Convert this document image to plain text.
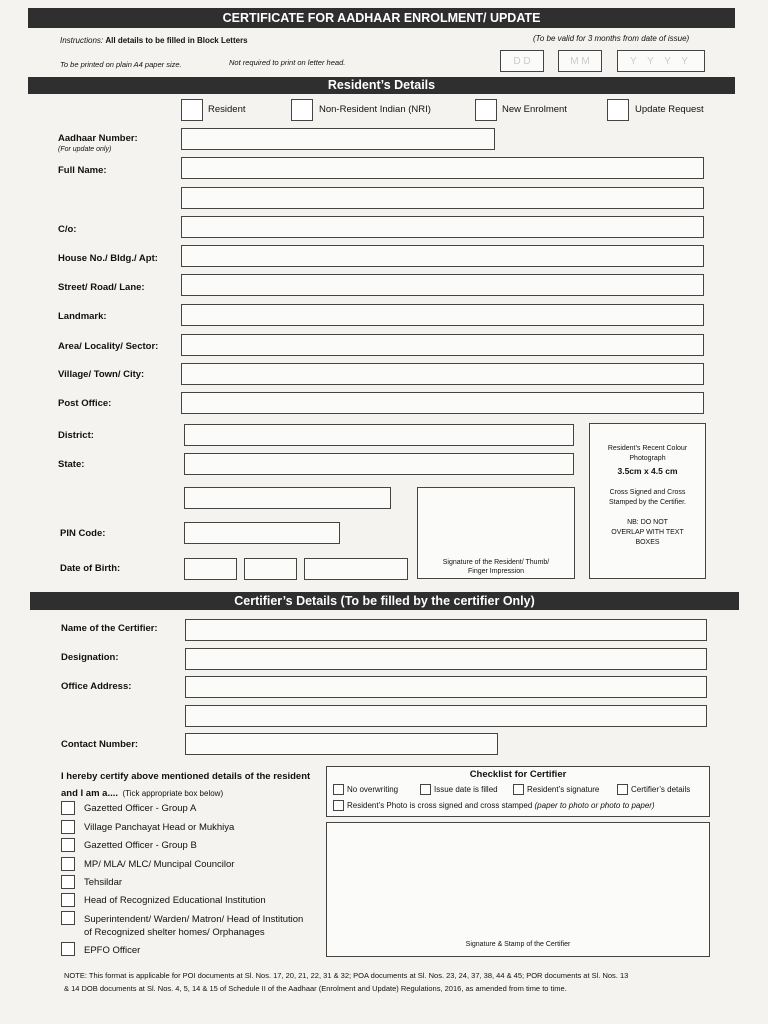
CERTIFICATE FOR AADHAAR ENROLMENT/ UPDATE
Instructions: All details to be filled in Block Letters	(To be valid for 3 months from date of issue)
To be printed on plain A4 paper size.	Not required to print on letter head.	D D	M M	Y Y Y Y
Resident’s Details
Resident	Non-Resident Indian (NRI)	New Enrolment	Update Request
Aadhaar Number:
(For update only)
Full Name:
C/o:
House No./ Bldg./ Apt:
Street/ Road/ Lane:
Landmark:
Area/ Locality/ Sector:
Village/ Town/ City:
Post Office:
District:
State:
Resident’s Recent Colour Photograph
3.5cm x 4.5 cm
Cross Signed and Cross Stamped by the Certifier.
NB: DO NOT OVERLAP WITH TEXT BOXES
Signature of the Resident/ Thumb/ Finger Impression
PIN Code:
Date of Birth:
Certifier’s Details (To be filled by the certifier Only)
Name of the Certifier:
Designation:
Office Address:
Contact Number:
I hereby certify above mentioned details of the resident
and I am a.... (Tick appropriate box below)
Gazetted Officer - Group A
Village Panchayat Head or Mukhiya
Gazetted Officer - Group B
MP/ MLA/ MLC/ Muncipal Councilor
Tehsildar
Head of Recognized Educational Institution
Superintendent/ Warden/ Matron/ Head of Institution
of Recognized shelter homes/ Orphanages
EPFO Officer
Checklist for Certifier
No overwriting	Issue date is filled	Resident’s signature	Certifier’s details
Resident’s Photo is cross signed and cross stamped (paper to photo or photo to paper)
Signature & Stamp of the Certifier
NOTE: This format is applicable for POI documents at Sl. Nos. 17, 20, 21, 22, 31 & 32; POA documents at Sl. Nos. 23, 24, 37, 38, 44 & 45; POR documents at Sl. Nos. 13
& 14 DOB documents at Sl. Nos. 4, 5, 14 & 15 of Schedule II of the Aadhaar (Enrolment and Update) Regulations, 2016, as amended from time to time.
